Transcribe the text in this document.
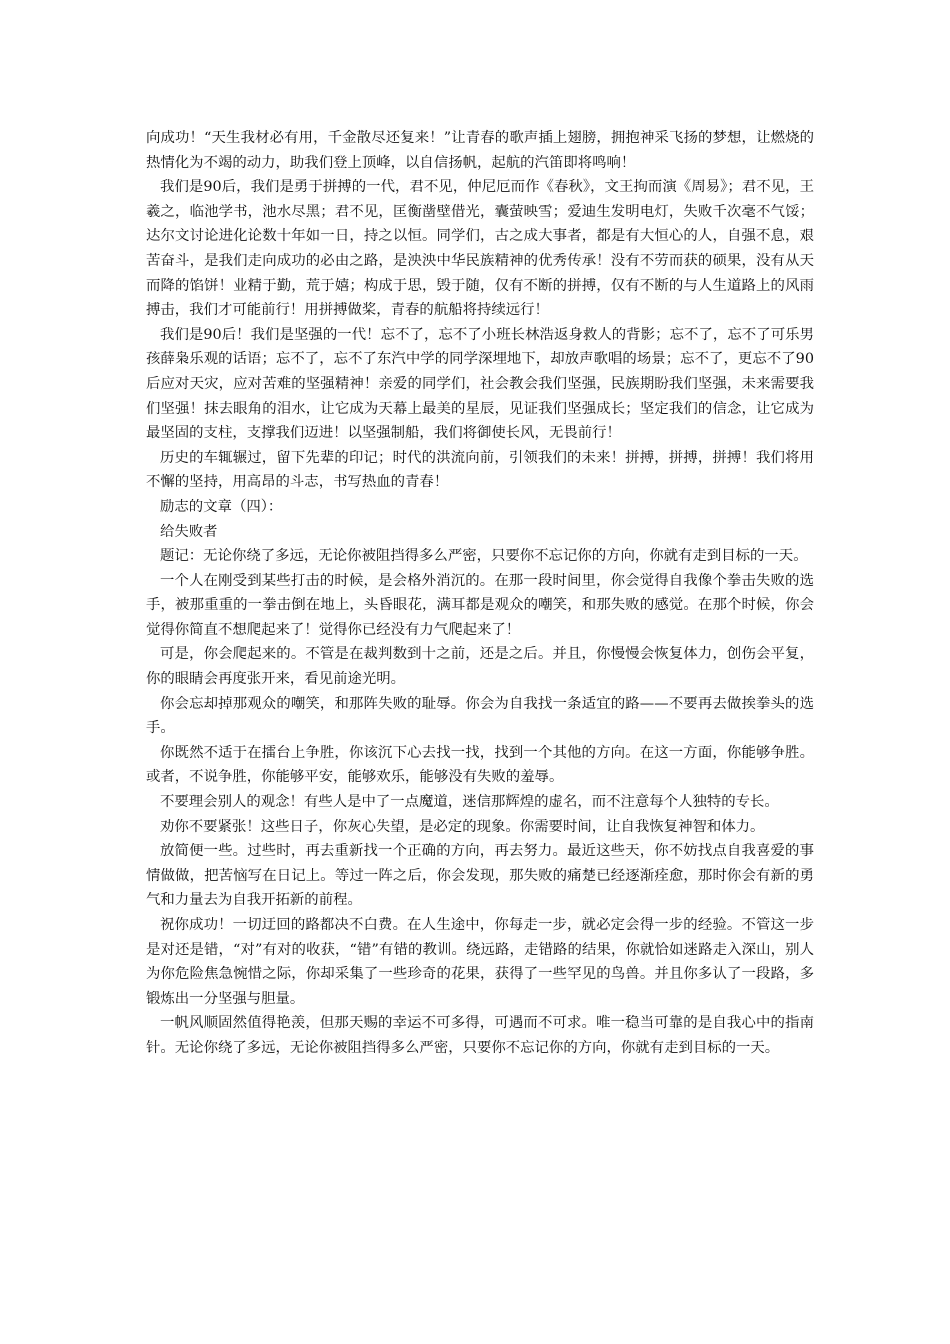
向成功！“天生我材必有用，千金散尽还复来！”让青春的歌声插上翅膀，拥抱神采飞扬的梦想，让燃烧的热情化为不竭的动力，助我们登上顶峰，以自信扬帆，起航的汽笛即将鸣响！

我们是90后，我们是勇于拼搏的一代，君不见，仲尼厄而作《春秋》，文王拘而演《周易》；君不见，王羲之，临池学书，池水尽黑；君不见，匡衡凿壁借光，囊萤映雪；爱迪生发明电灯，失败千次毫不气馁；达尔文讨论进化论数十年如一日，持之以恒。同学们，古之成大事者，都是有大恒心的人，自强不息，艰苦奋斗，是我们走向成功的必由之路，是泱泱中华民族精神的优秀传承！没有不劳而获的硕果，没有从天而降的馅饼！业精于勤，荒于嬉；构成于思，毁于随，仅有不断的拼搏，仅有不断的与人生道路上的风雨搏击，我们才可能前行！用拼搏做桨，青春的航船将持续远行！

我们是90后！我们是坚强的一代！忘不了，忘不了小班长林浩返身救人的背影；忘不了，忘不了可乐男孩薛枭乐观的话语；忘不了，忘不了东汽中学的同学深埋地下，却放声歌唱的场景；忘不了，更忘不了90后应对天灾，应对苦难的坚强精神！亲爱的同学们，社会教会我们坚强，民族期盼我们坚强，未来需要我们坚强！抹去眼角的泪水，让它成为天幕上最美的星辰，见证我们坚强成长；坚定我们的信念，让它成为最坚固的支柱，支撑我们迈进！以坚强制船，我们将御使长风，无畏前行！

历史的车辄辗过，留下先辈的印记；时代的洪流向前，引领我们的未来！拼搏，拼搏，拼搏！我们将用不懈的坚持，用高昂的斗志，书写热血的青春！

励志的文章（四）：

给失败者

题记：无论你绕了多远，无论你被阻挡得多么严密，只要你不忘记你的方向，你就有走到目标的一天。

一个人在刚受到某些打击的时候，是会格外消沉的。在那一段时间里，你会觉得自我像个拳击失败的选手，被那重重的一拳击倒在地上，头昏眼花，满耳都是观众的嘲笑，和那失败的感觉。在那个时候，你会觉得你简直不想爬起来了！觉得你已经没有力气爬起来了！

可是，你会爬起来的。不管是在裁判数到十之前，还是之后。并且，你慢慢会恢复体力，创伤会平复，你的眼睛会再度张开来，看见前途光明。

你会忘却掉那观众的嘲笑，和那阵失败的耻辱。你会为自我找一条适宜的路——不要再去做挨拳头的选手。

你既然不适于在擂台上争胜，你该沉下心去找一找，找到一个其他的方向。在这一方面，你能够争胜。或者，不说争胜，你能够平安，能够欢乐，能够没有失败的羞辱。

不要理会别人的观念！有些人是中了一点魔道，迷信那辉煌的虚名，而不注意每个人独特的专长。

劝你不要紧张！这些日子，你灰心失望，是必定的现象。你需要时间，让自我恢复神智和体力。

放简便一些。过些时，再去重新找一个正确的方向，再去努力。最近这些天，你不妨找点自我喜爱的事情做做，把苦恼写在日记上。等过一阵之后，你会发现，那失败的痛楚已经逐渐痊愈，那时你会有新的勇气和力量去为自我开拓新的前程。

祝你成功！一切迂回的路都决不白费。在人生途中，你每走一步，就必定会得一步的经验。不管这一步是对还是错，“对”有对的收获，“错”有错的教训。绕远路，走错路的结果，你就恰如迷路走入深山，别人为你危险焦急惋惜之际，你却采集了一些珍奇的花果，获得了一些罕见的鸟兽。并且你多认了一段路，多锻炼出一分坚强与胆量。

一帆风顺固然值得艳羡，但那天赐的幸运不可多得，可遇而不可求。唯一稳当可靠的是自我心中的指南针。无论你绕了多远，无论你被阻挡得多么严密，只要你不忘记你的方向，你就有走到目标的一天。
